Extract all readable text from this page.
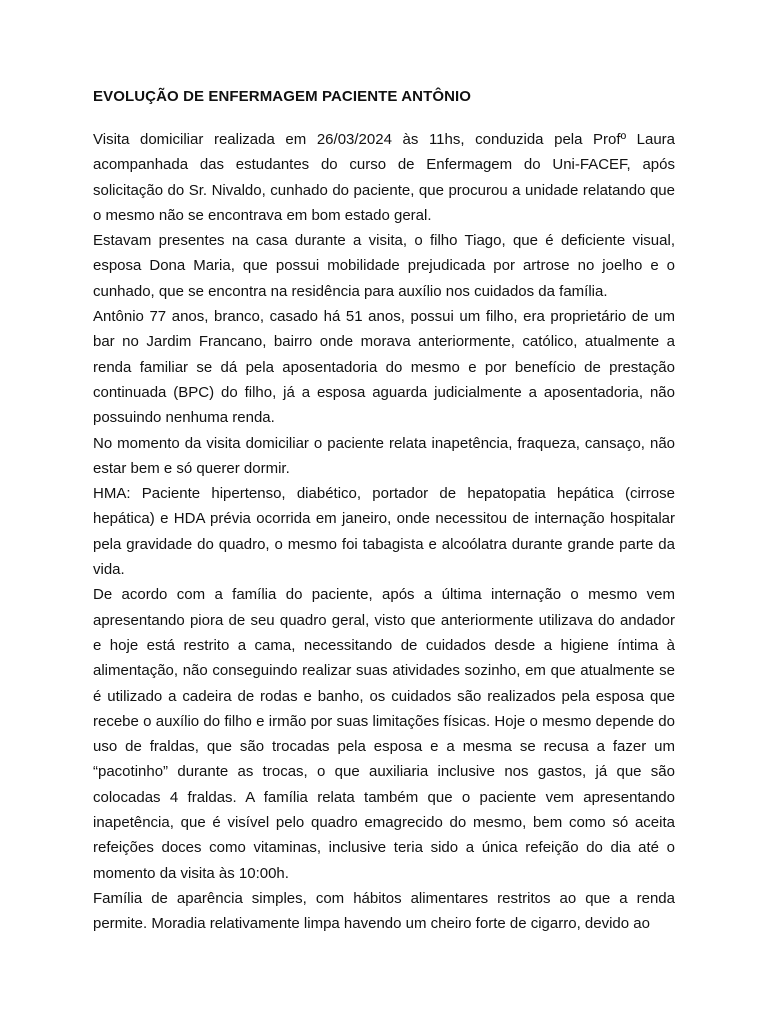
EVOLUÇÃO DE ENFERMAGEM PACIENTE ANTÔNIO

Visita domiciliar realizada em 26/03/2024 às 11hs, conduzida pela Profº Laura acompanhada das estudantes do curso de Enfermagem do Uni-FACEF, após solicitação do Sr. Nivaldo, cunhado do paciente, que procurou a unidade relatando que o mesmo não se encontrava em bom estado geral.

Estavam presentes na casa durante a visita, o filho Tiago, que é deficiente visual, esposa Dona Maria, que possui mobilidade prejudicada por artrose no joelho e o cunhado, que se encontra na residência para auxílio nos cuidados da família.

Antônio 77 anos, branco, casado há 51 anos, possui um filho, era proprietário de um bar no Jardim Francano, bairro onde morava anteriormente, católico, atualmente a renda familiar se dá pela aposentadoria do mesmo e por benefício de prestação continuada (BPC) do filho, já a esposa aguarda judicialmente a aposentadoria, não possuindo nenhuma renda.

No momento da visita domiciliar o paciente relata inapetência, fraqueza, cansaço, não estar bem e só querer dormir.

HMA: Paciente hipertenso, diabético, portador de hepatopatia hepática (cirrose hepática) e HDA prévia ocorrida em janeiro, onde necessitou de internação hospitalar pela gravidade do quadro, o mesmo foi tabagista e alcoólatra durante grande parte da vida.

De acordo com a família do paciente, após a última internação o mesmo vem apresentando piora de seu quadro geral, visto que anteriormente utilizava do andador e hoje está restrito a cama, necessitando de cuidados desde a higiene íntima à alimentação, não conseguindo realizar suas atividades sozinho, em que atualmente se é utilizado a cadeira de rodas e banho, os cuidados são realizados pela esposa que recebe o auxílio do filho e irmão por suas limitações físicas. Hoje o mesmo depende do uso de fraldas, que são trocadas pela esposa e a mesma se recusa a fazer um “pacotinho” durante as trocas, o que auxiliaria inclusive nos gastos, já que são colocadas 4 fraldas. A família relata também que o paciente vem apresentando inapetência, que é visível pelo quadro emagrecido do mesmo, bem como só aceita refeições doces como vitaminas, inclusive teria sido a única refeição do dia até o momento da visita às 10:00h.

Família de aparência simples, com hábitos alimentares restritos ao que a renda permite. Moradia relativamente limpa havendo um cheiro forte de cigarro, devido ao
